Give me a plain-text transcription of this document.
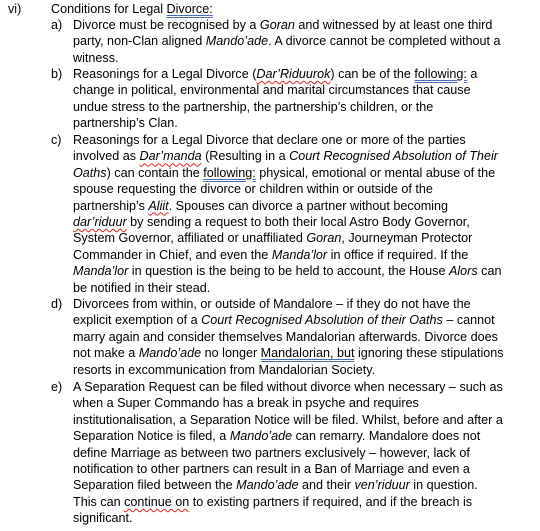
vi) Conditions for Legal Divorce:
a) Divorce must be recognised by a Goran and witnessed by at least one third
party, non-Clan aligned Mando’ade. A divorce cannot be completed without a
witness.
b) Reasonings for a Legal Divorce (Dar’Riduurok) can be of the following: a
change in political, environmental and marital circumstances that cause
undue stress to the partnership, the partnership’s children, or the
partnership’s Clan.
c) Reasonings for a Legal Divorce that declare one or more of the parties
involved as Dar’manda (Resulting in a Court Recognised Absolution of Their
Oaths) can contain the following: physical, emotional or mental abuse of the
spouse requesting the divorce or children within or outside of the
partnership’s Aliit. Spouses can divorce a partner without becoming
dar’riduur by sending a request to both their local Astro Body Governor,
System Governor, affiliated or unaffiliated Goran, Journeyman Protector
Commander in Chief, and even the Manda’lor in office if required. If the
Manda’lor in question is the being to be held to account, the House Alors can
be notified in their stead.
d) Divorcees from within, or outside of Mandalore – if they do not have the
explicit exemption of a Court Recognised Absolution of their Oaths – cannot
marry again and consider themselves Mandalorian afterwards. Divorce does
not make a Mando’ade no longer Mandalorian, but ignoring these stipulations
resorts in excommunication from Mandalorian Society.
e) A Separation Request can be filed without divorce when necessary – such as
when a Super Commando has a break in psyche and requires
institutionalisation, a Separation Notice will be filed. Whilst, before and after a
Separation Notice is filed, a Mando’ade can remarry. Mandalore does not
define Marriage as between two partners exclusively – however, lack of
notification to other partners can result in a Ban of Marriage and even a
Separation filed between the Mando’ade and their ven’riduur in question.
This can continue on to existing partners if required, and if the breach is
significant.
